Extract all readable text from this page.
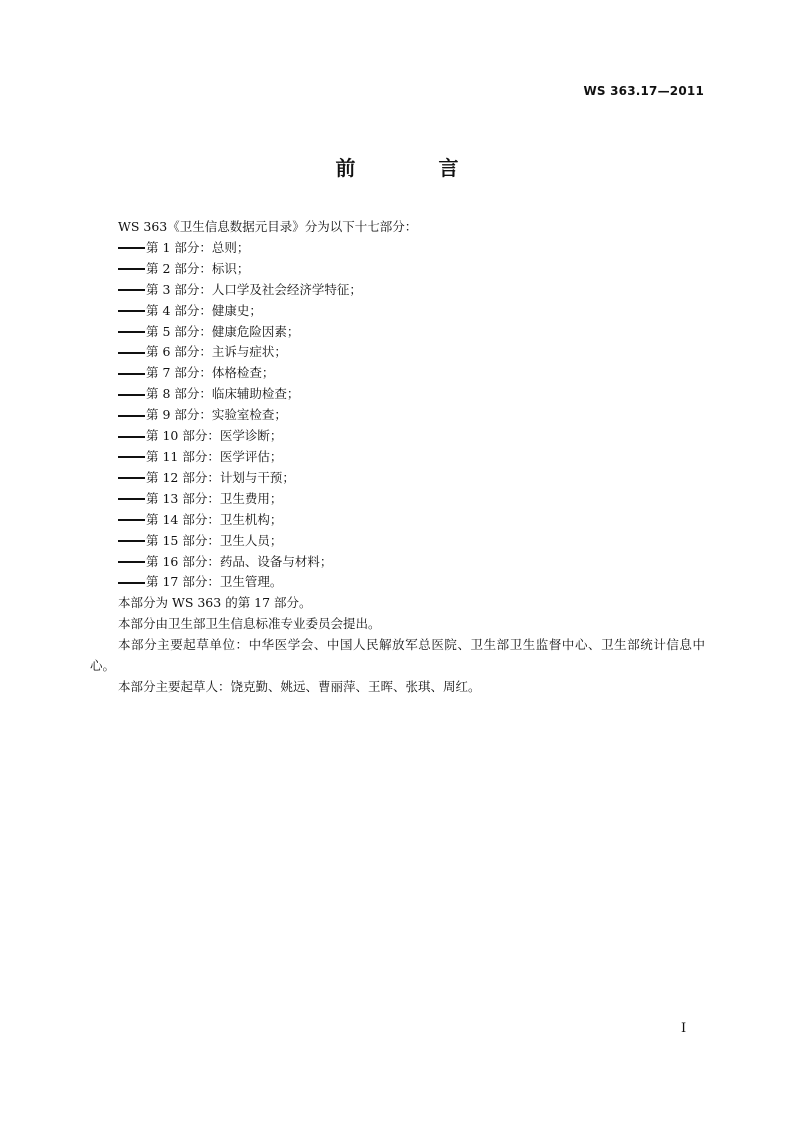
WS 363.17—2011
前 言

WS 363《卫生信息数据元目录》分为以下十七部分：

第 1 部分：总则；

第 2 部分：标识；

第 3 部分：人口学及社会经济学特征；

第 4 部分：健康史；

第 5 部分：健康危险因素；

第 6 部分：主诉与症状；

第 7 部分：体格检查；

第 8 部分：临床辅助检查；

第 9 部分：实验室检查；

第 10 部分：医学诊断；

第 11 部分：医学评估；

第 12 部分：计划与干预；

第 13 部分：卫生费用；

第 14 部分：卫生机构；

第 15 部分：卫生人员；

第 16 部分：药品、设备与材料；

第 17 部分：卫生管理。

本部分为 WS 363 的第 17 部分。

本部分由卫生部卫生信息标准专业委员会提出。

本部分主要起草单位：中华医学会、中国人民解放军总医院、卫生部卫生监督中心、卫生部统计信息中心。

本部分主要起草人：饶克勤、姚远、曹丽萍、王晖、张琪、周红。

I
